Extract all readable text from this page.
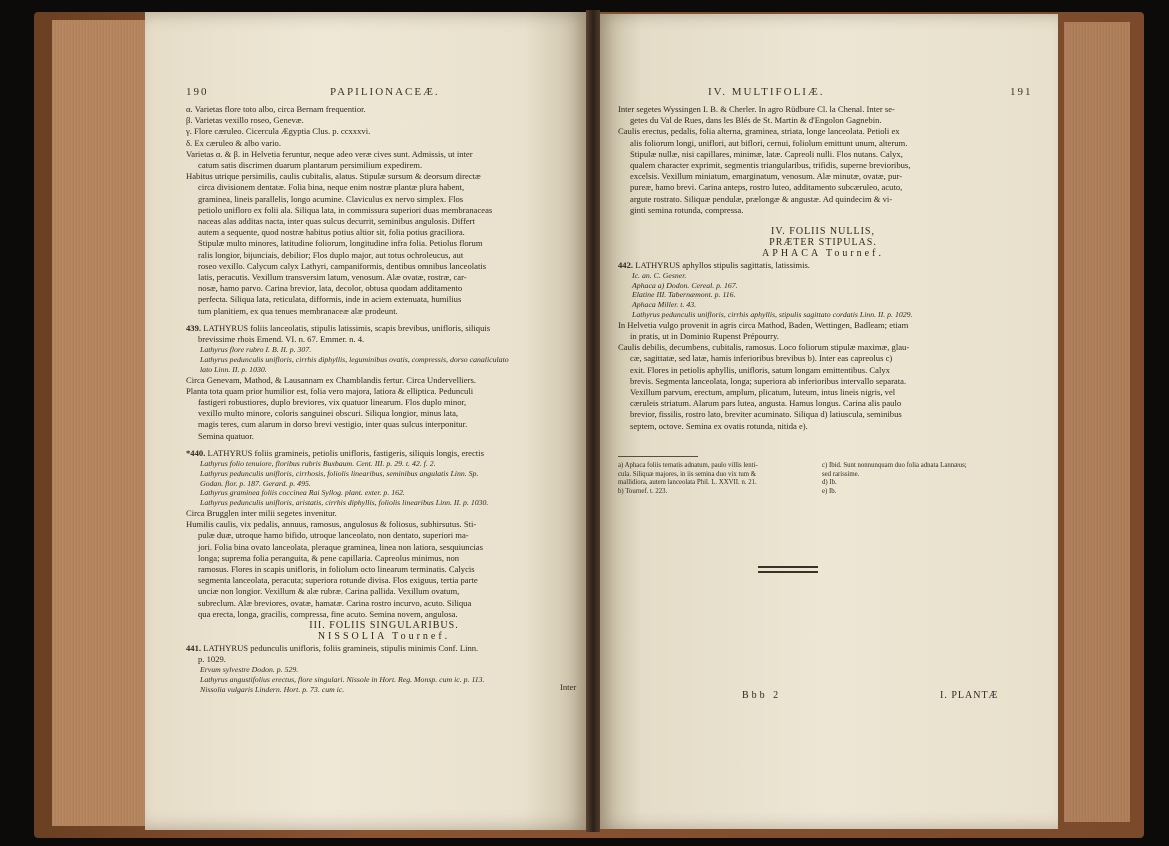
190	PAPILIONACEÆ.

α. Varietas flore toto albo, circa Bernam frequentior.

β. Varietas vexillo roseo, Genevæ.

γ. Flore cæruleo. Cicercula Ægyptia Clus. p. ccxxxvi.

δ. Ex cæruleo & albo vario.

Varietas α. & β. in Helvetia feruntur, neque adeo veræ cives sunt. Admissis, ut inter

catum satis discrimen duarum plantarum persimilium expedirem.

Habitus utrique persimilis, caulis cubitalis, alatus. Stipulæ sursum & deorsum directæ

circa divisionem dentatæ. Folia bina, neque enim nostræ plantæ plura habent,

graminea, lineis parallelis, longo acumine. Claviculus ex nervo simplex. Flos

petiolo unifloro ex folii ala. Siliqua lata, in commissura superiori duas membranaceas

naceas alas additas nacta, inter quas sulcus decurrit, seminibus angulosis. Differt

autem a sequente, quod nostræ habitus potius altior sit, folia potius graciliora.

Stipulæ multo minores, latitudine foliorum, longitudine infra folia. Petiolus florum

ralis longior, bijunciais, debilior; Flos duplo major, aut totus ochroleucus, aut

roseo vexillo. Calycum calyx Lathyri, campaniformis, dentibus omnibus lanceolatis

latis, peracutis. Vexillum transversim latum, venosum. Alæ ovatæ, rostræ, car-

nosæ, hamo parvo. Carina brevior, lata, decolor, obtusa quodam additamento

perfecta. Siliqua lata, reticulata, difformis, inde in aciem extenuata, humilius

tum planitiem, ex qua tenues membranaceæ alæ prodeunt.

439. LATHYRUS foliis lanceolatis, stipulis latissimis, scapis brevibus, unifloris, siliquis

brevissime rhois Emend. VI. n. 67. Emmer. n. 4.

Lathyrus flore rubro I. B. II. p. 307.

Lathyrus pedunculis unifloris, cirrhis diphyllis, leguminibus ovatis, compressis, dorso canaliculato

lato Linn. II. p. 1030.

Circa Genevam, Mathod, & Lausannam ex Chamblandis fertur. Circa Undervelliers.

Planta tota quam prior humilior est, folia vero majora, latiora & elliptica. Pedunculi

fastigeri robustiores, duplo breviores, vix quatuor linearum. Flos duplo minor,

vexillo multo minore, coloris sanguinei obscuri. Siliqua longior, minus lata,

magis teres, cum alarum in dorso brevi vestigio, inter quas sulcus interponitur.

Semina quatuor.

*440. LATHYRUS foliis gramineis, petiolis unifloris, fastigeris, siliquis longis, erectis

Lathyrus folio tenuiore, floribus rubris Buxbaum. Cent. III. p. 29. t. 42. f. 2.

Lathyrus pedunculis unifloris, cirrhosis, foliolis linearibus, seminibus angulatis Linn. Sp.

Godan. flor. p. 187. Gerard. p. 495.

Lathyrus graminea foliis coccinea Rai Syllog. plant. exter. p. 162.

Lathyrus pedunculis unifloris, aristatis, cirrhis diphyllis, foliolis linearibus Linn. II. p. 1030.

Circa Brugglen inter milii segetes invenitur.

Humilis caulis, vix pedalis, annuus, ramosus, angulosus & foliosus, subhirsutus. Sti-

pulæ duæ, utroque hamo bifido, utroque lanceolato, non dentato, superiori ma-

jori. Folia bina ovato lanceolata, pleraque graminea, linea non latiora, sesquiuncias

longa; suprema folia peranguita, & pene capillaria. Capreolus minimus, non

ramosus. Flores in scapis unifloris, in foliolum octo linearum terminatis. Calycis

segmenta lanceolata, peracuta; superiora rotunde divisa. Flos exiguus, tertia parte

unciæ non longior. Vexillum & alæ rubræ. Carina pallida. Vexillum ovatum,

subreclum. Alæ breviores, ovatæ, hamatæ. Carina rostro incurvo, acuto. Siliqua

qua erecta, longa, gracilis, compressa, fine acuto. Semina novem, angulosa.

III. FOLIIS SINGULARIBUS.

NISSOLIA Tournef.

441. LATHYRUS pedunculis unifloris, foliis gramineis, stipulis minimis Conf. Linn.

p. 1029.

Ervum sylvestre Dodon. p. 529.

Lathyrus angustifolius erectus, flore singulari. Nissole in Hort. Reg. Monsp. cum ic. p. 113.

Nissolia vulgaris Lindern. Hort. p. 73. cum ic.	Inter
IV. MULTIFOLIÆ.	191

Inter segetes Wyssingen I. B. & Cherler. In agro Rüdbure Cl. la Chenal. Inter se-

getes du Val de Rues, dans les Blés de St. Martin & d'Engolon Gagnebin.

Caulis erectus, pedalis, folia alterna, graminea, striata, longe lanceolata. Petioli ex

alis foliorum longi, uniflori, aut biflori, cernui, foliolum emittunt unum, alterum.

Stipulæ nullæ, nisi capillares, minimæ, latæ. Capreoli nulli. Flos nutans. Calyx,

qualem character exprimit, segmentis triangularibus, trifidis, superne brevioribus,

excelsis. Vexillum miniatum, emarginatum, venosum. Alæ minutæ, ovatæ, pur-

pureæ, hamo brevi. Carina anteps, rostro luteo, additamento subcæruleo, acuto,

argute rostrato. Siliquæ pendulæ, prælongæ & angustæ. Ad quindecim & vi-

ginti semina rotunda, compressa.

IV. FOLIIS NULLIS,

PRÆTER STIPULAS.

APHACA Tournef.

442. LATHYRUS aphyllos stipulis sagittatis, latissimis.

Ic. an. C. Gesner.

Aphaca a) Dodon. Cereal. p. 167.

Elatine III. Tabernæmont. p. 116.

Aphaca Miller. t. 43.

Lathyrus pedunculis unifloris, cirrhis aphyllis, stipulis sagittato cordatis Linn. II. p. 1029.

In Helvetia vulgo provenit in agris circa Mathod, Baden, Wettingen, Badleam; etiam

in pratis, ut in Dominio Rupenst Prépourry.

Caulis debilis, decumbens, cubitalis, ramosus. Loco foliorum stipulæ maximæ, glau-

cæ, sagittatæ, sed latæ, hamis inferioribus brevibus b). Inter eas capreolus c)

exit. Flores in petiolis aphyllis, unifloris, satum longam emittentibus. Calyx

brevis. Segmenta lanceolata, longa; superiora ab inferioribus intervallo separata.

Vexillum parvum, erectum, amplum, plicatum, luteum, intus lineis nigris, vel

cæruleis striatum. Alarum pars lutea, angusta. Hamus longus. Carina alis paulo

brevior, fissilis, rostro lato, breviter acuminato. Siliqua d) latiuscula, seminibus

septem, octove. Semina ex ovatis rotunda, nitida e).

a) Aphaca foliis ternatis adnatum, paulo villis lenti-

cula. Siliquæ majores, in iis semina duo vix tum &

mallidiora, autem lanceolata Phil. L. XXVII. n. 21.

b) Tournef. t. 223.

c) Ibid. Sunt nonnunquam duo folia adnata Lannæus;

sed rarissime.

d) Ib.

e) Ib.

Bbb 2	I. PLANTÆ
